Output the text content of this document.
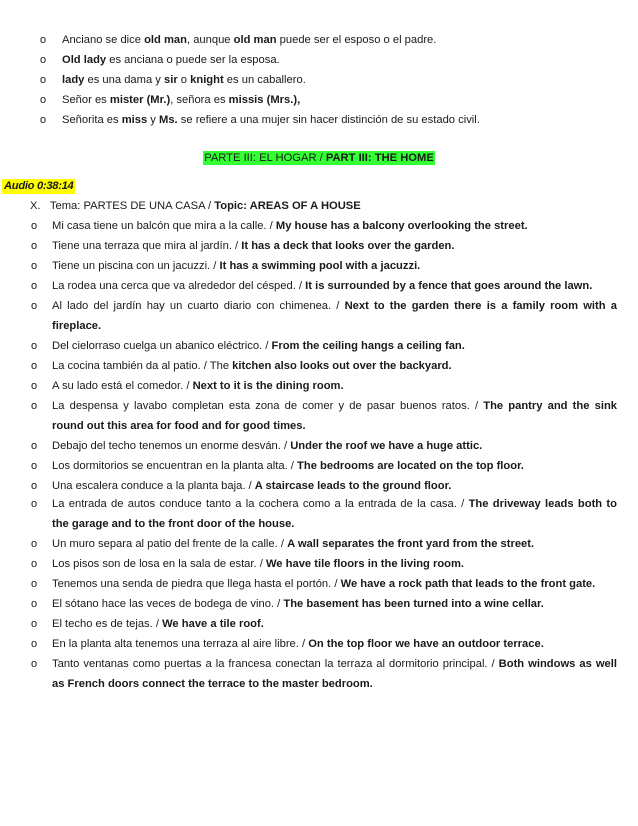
o Anciano se dice old man, aunque old man puede ser el esposo o el padre.
o Old lady es anciana o puede ser la esposa.
o lady es una dama y sir o knight es un caballero.
o Señor es mister (Mr.), señora es missis (Mrs.),
o Señorita es miss y Ms. se refiere a una mujer sin hacer distinción de su estado civil.
PARTE III: EL HOGAR / PART III: THE HOME
Audio 0:38:14
X. Tema: PARTES DE UNA CASA / Topic: AREAS OF A HOUSE
o Mi casa tiene un balcón que mira a la calle. / My house has a balcony overlooking the street.
o Tiene una terraza que mira al jardín. / It has a deck that looks over the garden.
o Tiene un piscina con un jacuzzi. / It has a swimming pool with a jacuzzi.
o La rodea una cerca que va alrededor del césped. / It is surrounded by a fence that goes around the lawn.
o Al lado del jardín hay un cuarto diario con chimenea. / Next to the garden there is a family room with a
fireplace.
o Del cielorraso cuelga un abanico eléctrico. / From the ceiling hangs a ceiling fan.
o La cocina también da al patio. / The kitchen also looks out over the backyard.
o A su lado está el comedor. / Next to it is the dining room.
o La despensa y lavabo completan esta zona de comer y de pasar buenos ratos. / The pantry and the sink
round out this area for food and for good times.
o Debajo del techo tenemos un enorme desván. / Under the roof we have a huge attic.
o Los dormitorios se encuentran en la planta alta. / The bedrooms are located on the top floor.
o Una escalera conduce a la planta baja. / A staircase leads to the ground floor.
o La entrada de autos conduce tanto a la cochera como a la entrada de la casa. / The driveway leads both to
the garage and to the front door of the house.
o Un muro separa al patio del frente de la calle. / A wall separates the front yard from the street.
o Los pisos son de losa en la sala de estar. / We have tile floors in the living room.
o Tenemos una senda de piedra que llega hasta el portón. / We have a rock path that leads to the front gate.
o El sótano hace las veces de bodega de vino. / The basement has been turned into a wine cellar.
o El techo es de tejas. / We have a tile roof.
o En la planta alta tenemos una terraza al aire libre. / On the top floor we have an outdoor terrace.
o Tanto ventanas como puertas a la francesa conectan la terraza al dormitorio principal. / Both windows as well
as French doors connect the terrace to the master bedroom.
